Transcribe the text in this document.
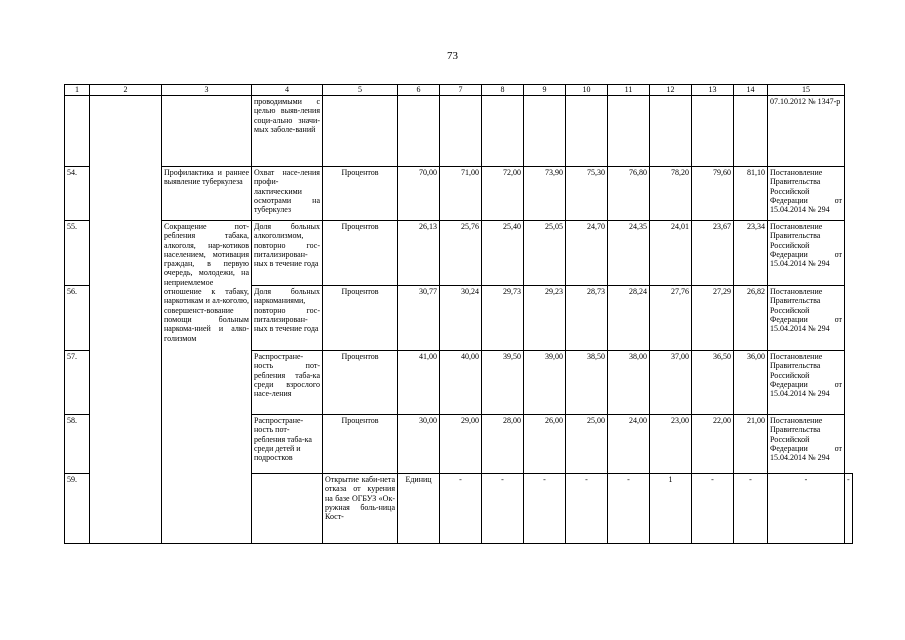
73
1	2	3	4	5	6	7	8	9	10	11	12	13	14	15	
			проводимыми с целью выяв-ления соци-ально значи-мых заболе-ваний											07.10.2012 № 1347-р	
54.		Профилактика и раннее выявление туберкулеза	Охват насе-ления профи-лактическими осмотрами на туберкулез	Процентов	70,00	71,00	72,00	73,90	75,30	76,80	78,20	79,60	81,10	Постановление Правительства Российской Федерации от 15.04.2014 № 294	
55.		Сокращение пот-ребления табака, алкоголя, нар-котиков населением, мотивация граждан, в первую очередь, молодежи, на неприемлемое отношение к табаку, наркотикам и ал-коголю, совершенст-вование помощи больным наркома-нией и алко-голизмом	Доля больных алкоголизмом, повторно гос-питализирован-ных в течение года	Процентов	26,13	25,76	25,40	25,05	24,70	24,35	24,01	23,67	23,34	Постановление Правительства Российской Федерации от 15.04.2014 № 294	
56.			Доля больных наркоманиями, повторно гос-питализирован-ных в течение года	Процентов	30,77	30,24	29,73	29,23	28,73	28,24	27,76	27,29	26,82	Постановление Правительства Российской Федерации от 15.04.2014 № 294	
57.			Распростране-ность пот-ребления таба-ка среди взрослого насе-ления	Процентов	41,00	40,00	39,50	39,00	38,50	38,00	37,00	36,50	36,00	Постановление Правительства Российской Федерации от 15.04.2014 № 294	
58.			Распростране-ность пот-ребления таба-ка среди детей и подростков	Процентов	30,00	29,00	28,00	26,00	25,00	24,00	23,00	22,00	21,00	Постановление Правительства Российской Федерации от 15.04.2014 № 294	
59.				Открытие каби-нета отказа от курения на базе ОГБУЗ «Ок-ружная боль-ница Кост-	Единиц	-	-	-	-	-	1	-	-	-	-
